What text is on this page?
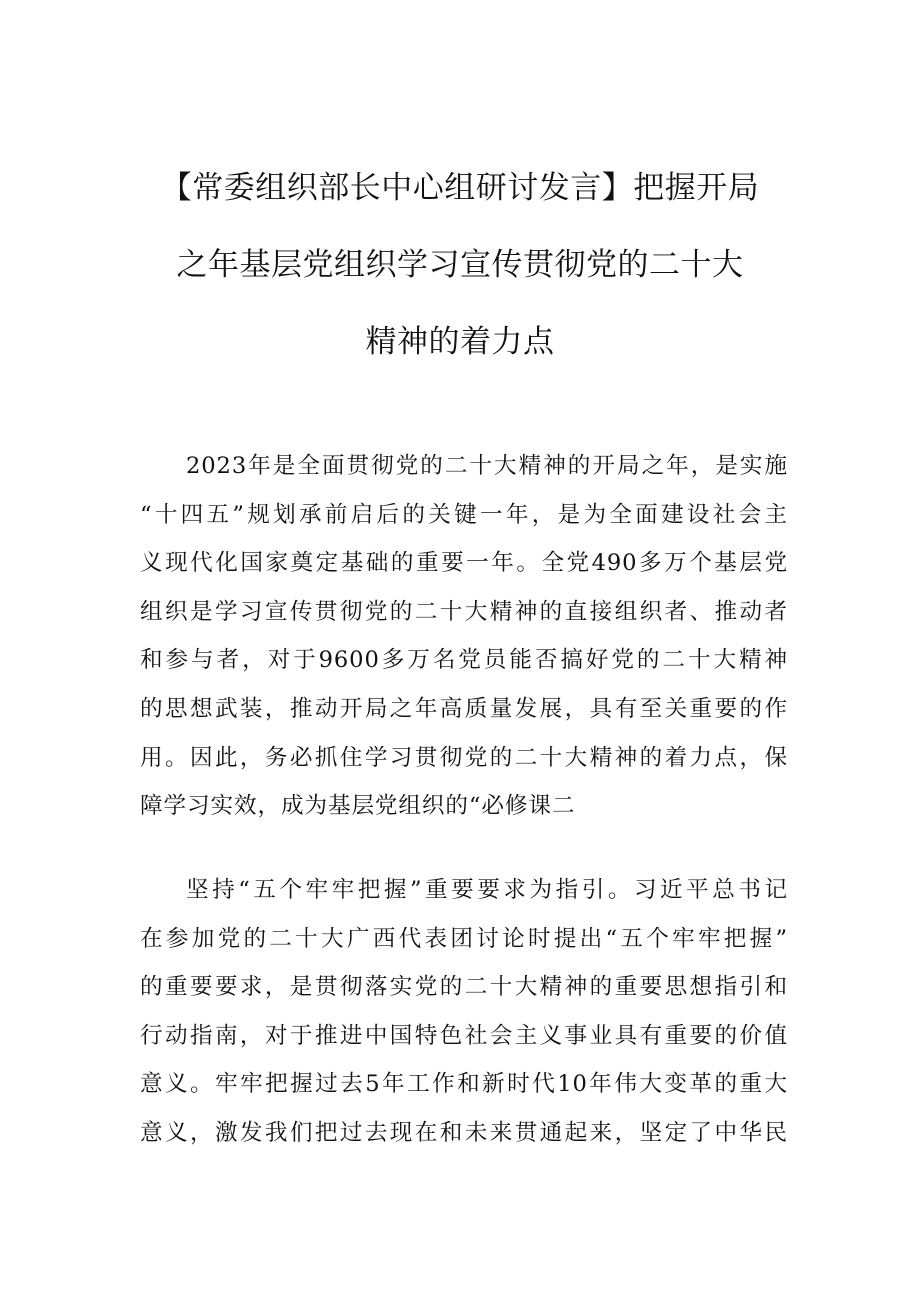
【常委组织部长中心组研讨发言】把握开局
之年基层党组织学习宣传贯彻党的二十大
精神的着力点

2023年是全面贯彻党的二十大精神的开局之年，是实施
“十四五”规划承前启后的关键一年，是为全面建设社会主
义现代化国家奠定基础的重要一年。全党490多万个基层党
组织是学习宣传贯彻党的二十大精神的直接组织者、推动者
和参与者，对于9600多万名党员能否搞好党的二十大精神
的思想武装，推动开局之年高质量发展，具有至关重要的作
用。因此，务必抓住学习贯彻党的二十大精神的着力点，保
障学习实效，成为基层党组织的“必修课二

坚持“五个牢牢把握”重要要求为指引。习近平总书记
在参加党的二十大广西代表团讨论时提出“五个牢牢把握”
的重要要求，是贯彻落实党的二十大精神的重要思想指引和
行动指南，对于推进中国特色社会主义事业具有重要的价值
意义。牢牢把握过去5年工作和新时代10年伟大变革的重大
意义，激发我们把过去现在和未来贯通起来，坚定了中华民
